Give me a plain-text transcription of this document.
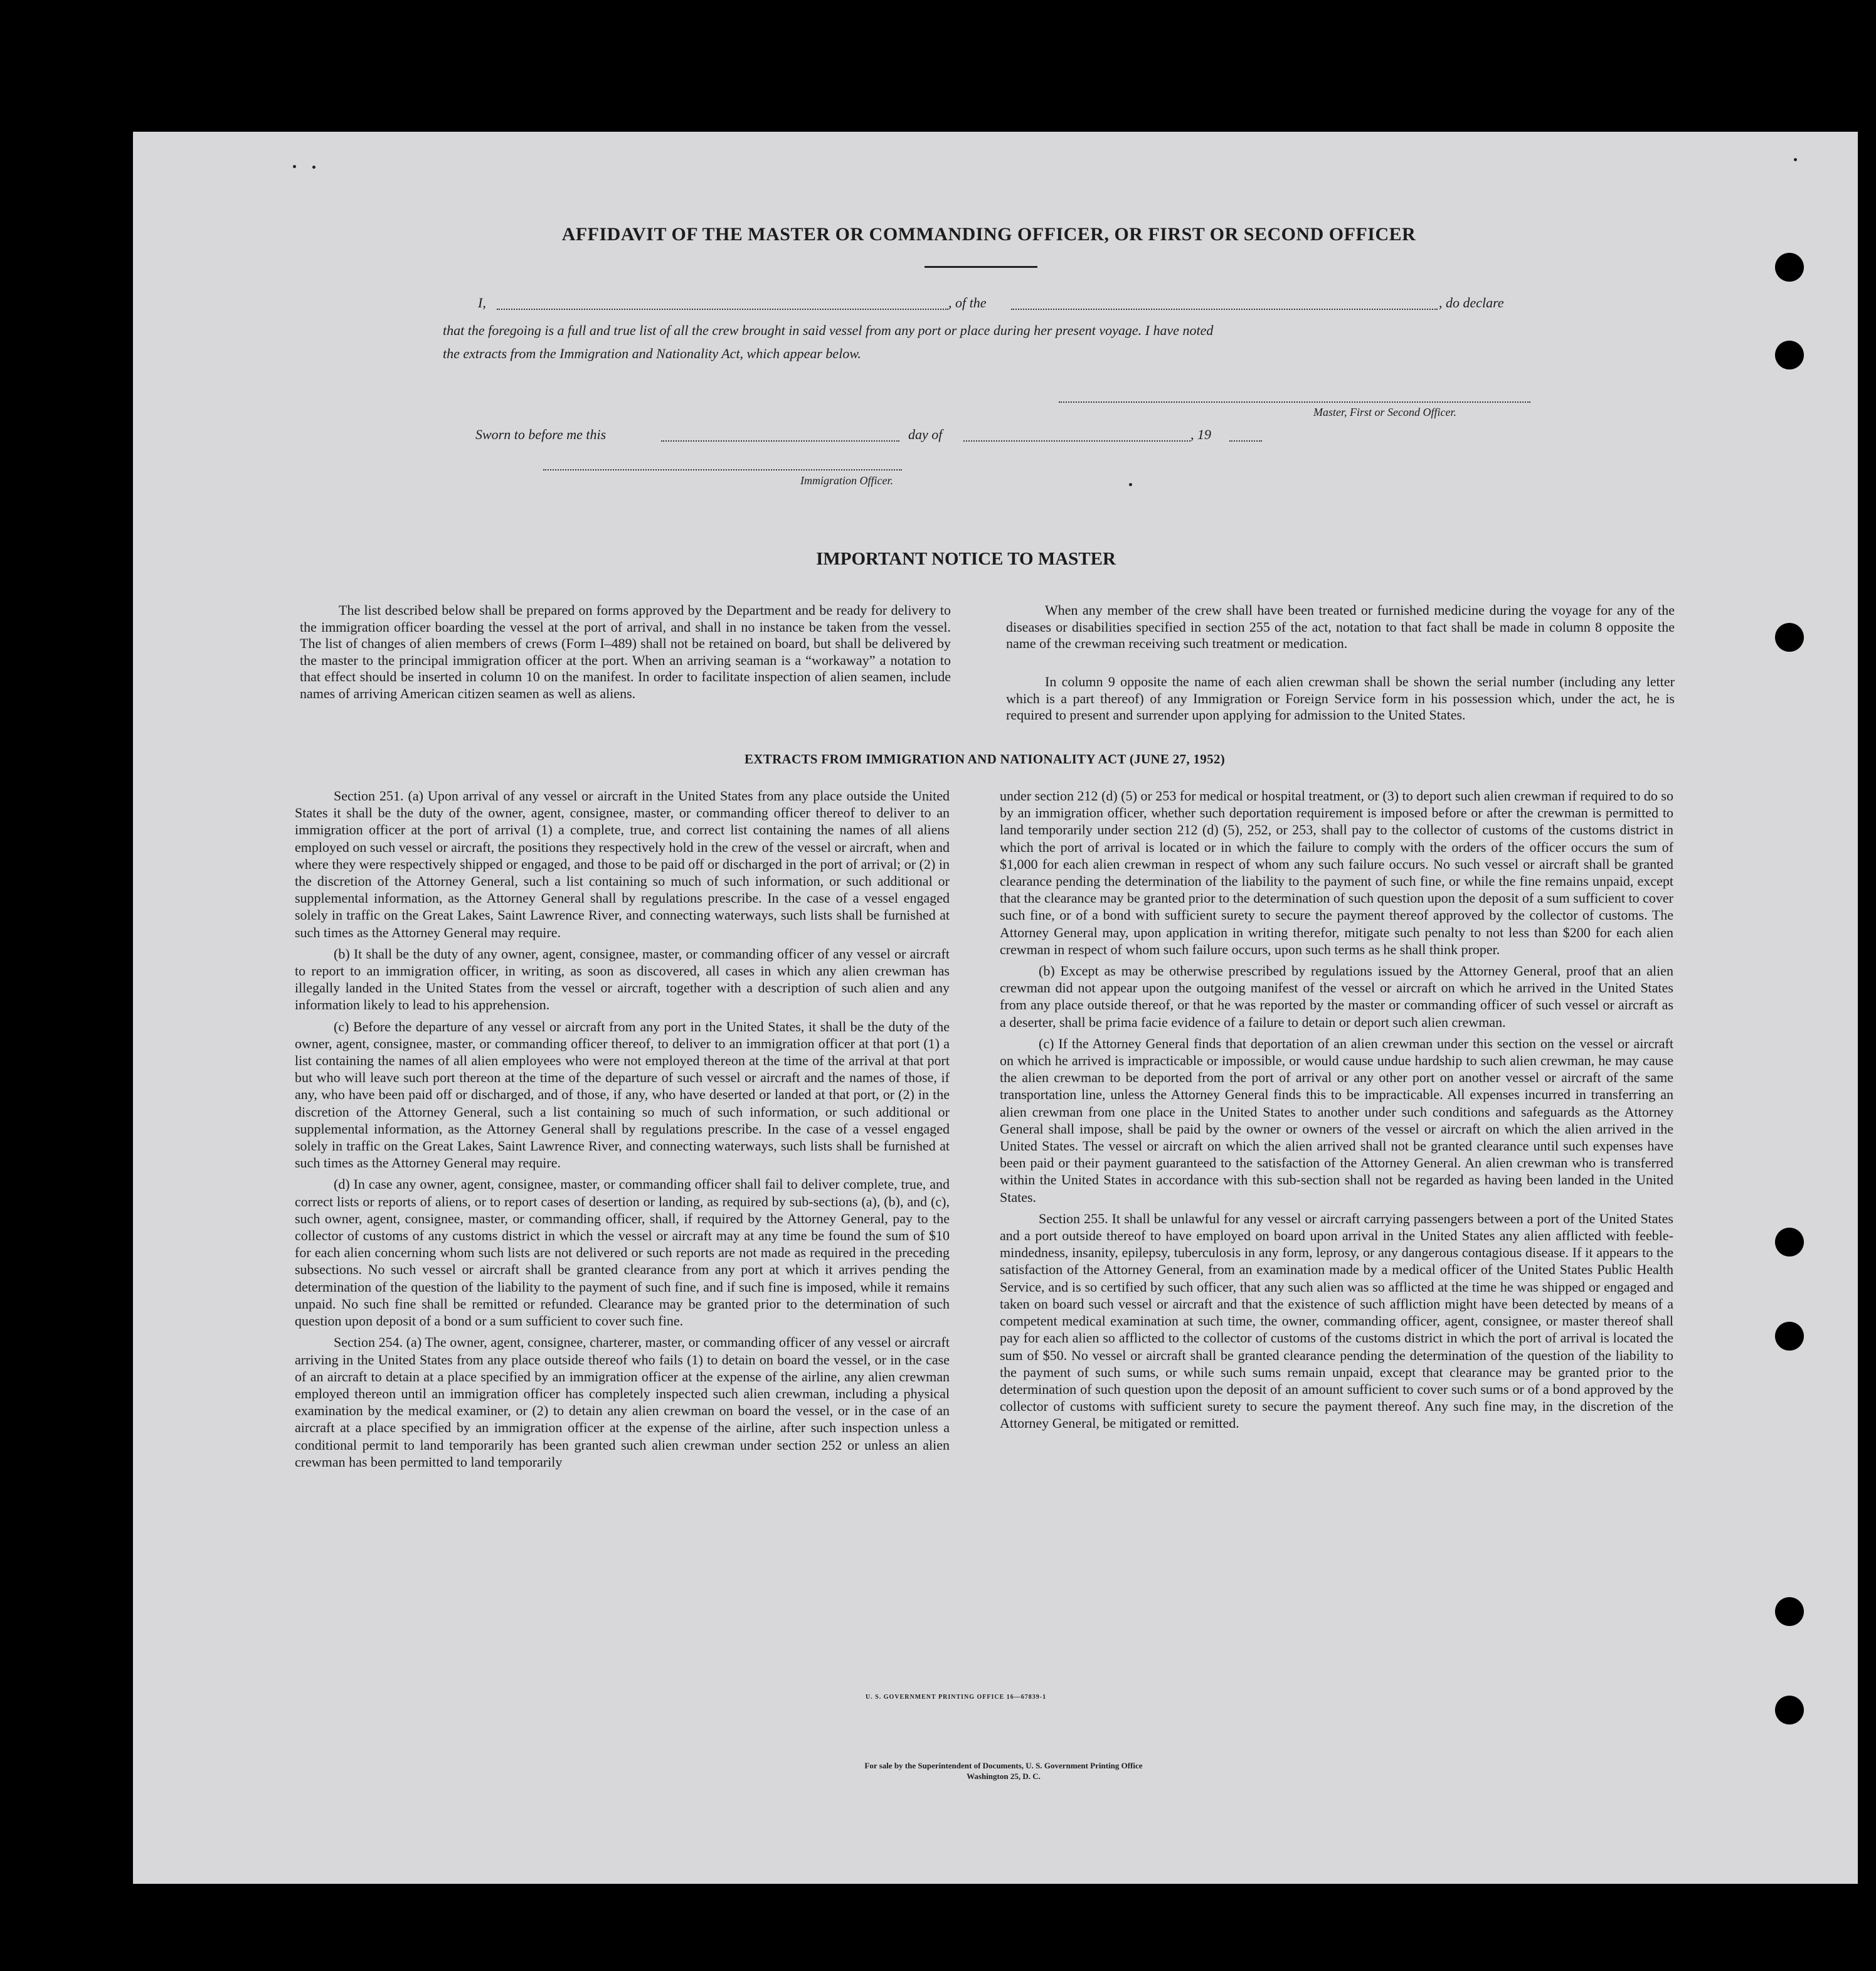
AFFIDAVIT OF THE MASTER OR COMMANDING OFFICER, OR FIRST OR SECOND OFFICER
I,	, of the	, do declare
that the foregoing is a full and true list of all the crew brought in said vessel from any port or place during her present voyage. I have noted
the extracts from the Immigration and Nationality Act, which appear below.
Master, First or Second Officer.
Sworn to before me this	day of	, 19
Immigration Officer.
IMPORTANT NOTICE TO MASTER

The list described below shall be prepared on forms approved by the Department and be ready for delivery to the immigration officer boarding the vessel at the port of arrival, and shall in no instance be taken from the vessel. The list of changes of alien members of crews (Form I–489) shall not be retained on board, but shall be delivered by the master to the principal immigration officer at the port. When an arriving seaman is a “workaway” a notation to that effect should be inserted in column 10 on the manifest. In order to facilitate inspection of alien seamen, include names of arriving American citizen seamen as well as aliens.

When any member of the crew shall have been treated or furnished medicine during the voyage for any of the diseases or disabilities specified in section 255 of the act, notation to that fact shall be made in column 8 opposite the name of the crewman receiving such treatment or medication.

In column 9 opposite the name of each alien crewman shall be shown the serial number (including any letter which is a part thereof) of any Immigration or Foreign Service form in his possession which, under the act, he is required to present and surrender upon applying for admission to the United States.

EXTRACTS FROM IMMIGRATION AND NATIONALITY ACT (JUNE 27, 1952)

Section 251. (a) Upon arrival of any vessel or aircraft in the United States from any place outside the United States it shall be the duty of the owner, agent, consignee, master, or commanding officer thereof to deliver to an immigration officer at the port of arrival (1) a complete, true, and correct list containing the names of all aliens employed on such vessel or aircraft, the positions they respectively hold in the crew of the vessel or aircraft, when and where they were respectively shipped or engaged, and those to be paid off or discharged in the port of arrival; or (2) in the discretion of the Attorney General, such a list containing so much of such information, or such additional or supplemental information, as the Attorney General shall by regulations prescribe. In the case of a vessel engaged solely in traffic on the Great Lakes, Saint Lawrence River, and connecting waterways, such lists shall be furnished at such times as the Attorney General may require.

(b) It shall be the duty of any owner, agent, consignee, master, or commanding officer of any vessel or aircraft to report to an immigration officer, in writing, as soon as discovered, all cases in which any alien crewman has illegally landed in the United States from the vessel or aircraft, together with a description of such alien and any information likely to lead to his apprehension.

(c) Before the departure of any vessel or aircraft from any port in the United States, it shall be the duty of the owner, agent, consignee, master, or commanding officer thereof, to deliver to an immigration officer at that port (1) a list containing the names of all alien employees who were not employed thereon at the time of the arrival at that port but who will leave such port thereon at the time of the departure of such vessel or aircraft and the names of those, if any, who have been paid off or discharged, and of those, if any, who have deserted or landed at that port, or (2) in the discretion of the Attorney General, such a list containing so much of such information, or such additional or supplemental information, as the Attorney General shall by regulations prescribe. In the case of a vessel engaged solely in traffic on the Great Lakes, Saint Lawrence River, and connecting waterways, such lists shall be furnished at such times as the Attorney General may require.

(d) In case any owner, agent, consignee, master, or commanding officer shall fail to deliver complete, true, and correct lists or reports of aliens, or to report cases of desertion or landing, as required by sub-sections (a), (b), and (c), such owner, agent, consignee, master, or commanding officer, shall, if required by the Attorney General, pay to the collector of customs of any customs district in which the vessel or aircraft may at any time be found the sum of $10 for each alien concerning whom such lists are not delivered or such reports are not made as required in the preceding subsections. No such vessel or aircraft shall be granted clearance from any port at which it arrives pending the determination of the question of the liability to the payment of such fine, and if such fine is imposed, while it remains unpaid. No such fine shall be remitted or refunded. Clearance may be granted prior to the determination of such question upon deposit of a bond or a sum sufficient to cover such fine.

Section 254. (a) The owner, agent, consignee, charterer, master, or commanding officer of any vessel or aircraft arriving in the United States from any place outside thereof who fails (1) to detain on board the vessel, or in the case of an aircraft to detain at a place specified by an immigration officer at the expense of the airline, any alien crewman employed thereon until an immigration officer has completely inspected such alien crewman, including a physical examination by the medical examiner, or (2) to detain any alien crewman on board the vessel, or in the case of an aircraft at a place specified by an immigration officer at the expense of the airline, after such inspection unless a conditional permit to land temporarily has been granted such alien crewman under section 252 or unless an alien crewman has been permitted to land temporarily

under section 212 (d) (5) or 253 for medical or hospital treatment, or (3) to deport such alien crewman if required to do so by an immigration officer, whether such deportation requirement is imposed before or after the crewman is permitted to land temporarily under section 212 (d) (5), 252, or 253, shall pay to the collector of customs of the customs district in which the port of arrival is located or in which the failure to comply with the orders of the officer occurs the sum of $1,000 for each alien crewman in respect of whom any such failure occurs. No such vessel or aircraft shall be granted clearance pending the determination of the liability to the payment of such fine, or while the fine remains unpaid, except that the clearance may be granted prior to the determination of such question upon the deposit of a sum sufficient to cover such fine, or of a bond with sufficient surety to secure the payment thereof approved by the collector of customs. The Attorney General may, upon application in writing therefor, mitigate such penalty to not less than $200 for each alien crewman in respect of whom such failure occurs, upon such terms as he shall think proper.

(b) Except as may be otherwise prescribed by regulations issued by the Attorney General, proof that an alien crewman did not appear upon the outgoing manifest of the vessel or aircraft on which he arrived in the United States from any place outside thereof, or that he was reported by the master or commanding officer of such vessel or aircraft as a deserter, shall be prima facie evidence of a failure to detain or deport such alien crewman.

(c) If the Attorney General finds that deportation of an alien crewman under this section on the vessel or aircraft on which he arrived is impracticable or impossible, or would cause undue hardship to such alien crewman, he may cause the alien crewman to be deported from the port of arrival or any other port on another vessel or aircraft of the same transportation line, unless the Attorney General finds this to be impracticable. All expenses incurred in transferring an alien crewman from one place in the United States to another under such conditions and safeguards as the Attorney General shall impose, shall be paid by the owner or owners of the vessel or aircraft on which the alien arrived in the United States. The vessel or aircraft on which the alien arrived shall not be granted clearance until such expenses have been paid or their payment guaranteed to the satisfaction of the Attorney General. An alien crewman who is transferred within the United States in accordance with this sub-section shall not be regarded as having been landed in the United States.

Section 255. It shall be unlawful for any vessel or aircraft carrying passengers between a port of the United States and a port outside thereof to have employed on board upon arrival in the United States any alien afflicted with feeble-mindedness, insanity, epilepsy, tuberculosis in any form, leprosy, or any dangerous contagious disease. If it appears to the satisfaction of the Attorney General, from an examination made by a medical officer of the United States Public Health Service, and is so certified by such officer, that any such alien was so afflicted at the time he was shipped or engaged and taken on board such vessel or aircraft and that the existence of such affliction might have been detected by means of a competent medical examination at such time, the owner, commanding officer, agent, consignee, or master thereof shall pay for each alien so afflicted to the collector of customs of the customs district in which the port of arrival is located the sum of $50. No vessel or aircraft shall be granted clearance pending the determination of the question of the liability to the payment of such sums, or while such sums remain unpaid, except that clearance may be granted prior to the determination of such question upon the deposit of an amount sufficient to cover such sums or of a bond approved by the collector of customs with sufficient surety to secure the payment thereof. Any such fine may, in the discretion of the Attorney General, be mitigated or remitted.

U. S. GOVERNMENT PRINTING OFFICE 16—67839-1
For sale by the Superintendent of Documents, U. S. Government Printing Office
Washington 25, D. C.
